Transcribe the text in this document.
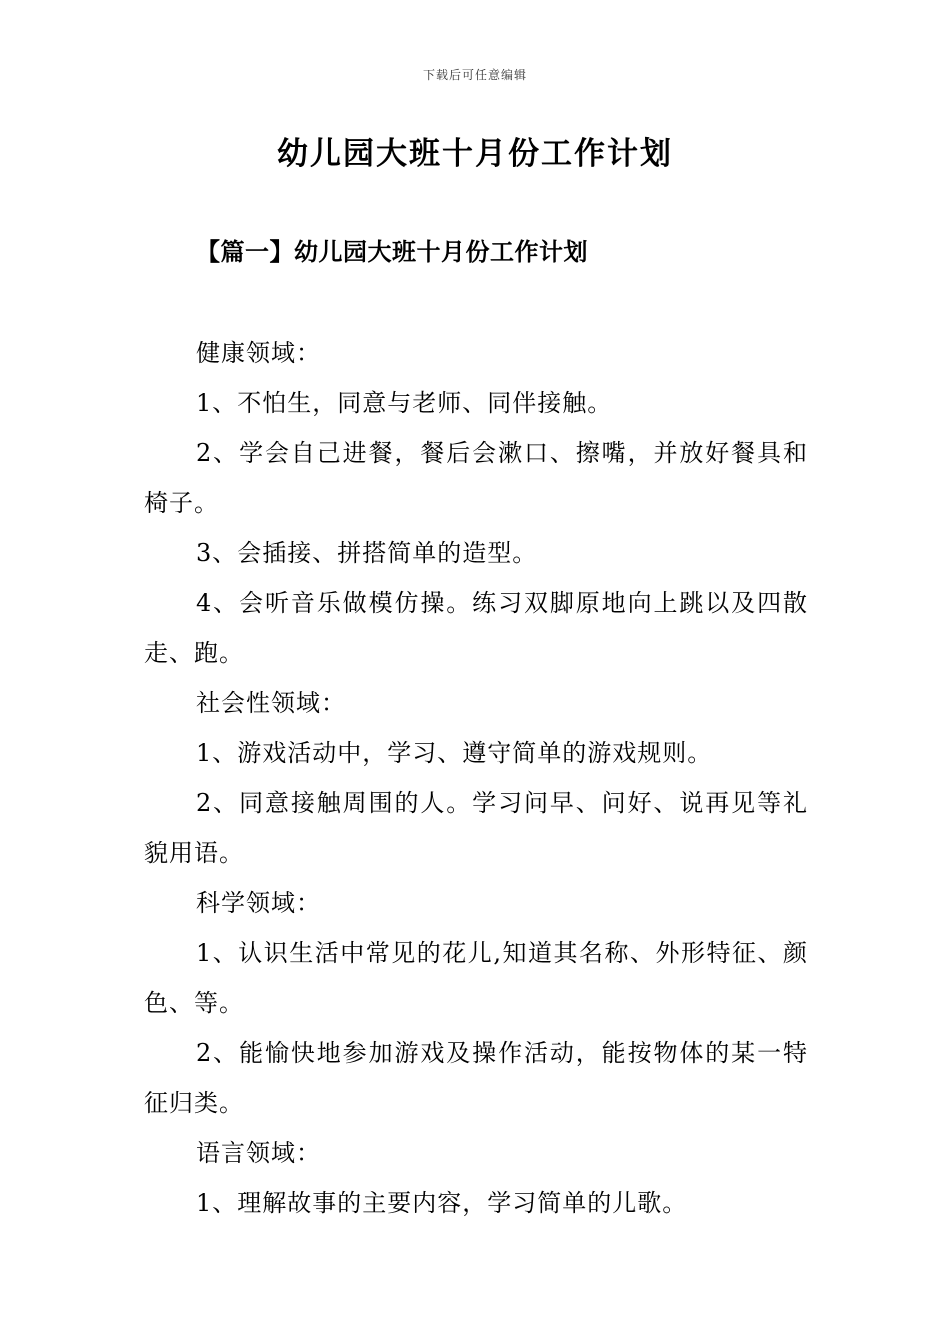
下载后可任意编辑
幼儿园大班十月份工作计划
【篇一】幼儿园大班十月份工作计划

健康领域：

1、不怕生，同意与老师、同伴接触。

2、学会自己进餐，餐后会漱口、擦嘴，并放好餐具和椅子。

3、会插接、拼搭简单的造型。

4、会听音乐做模仿操。练习双脚原地向上跳以及四散走、跑。

社会性领域：

1、游戏活动中，学习、遵守简单的游戏规则。

2、同意接触周围的人。学习问早、问好、说再见等礼貌用语。

科学领域：

1、认识生活中常见的花儿,知道其名称、外形特征、颜色、等。

2、能愉快地参加游戏及操作活动，能按物体的某一特征归类。

语言领域：

1、理解故事的主要内容，学习简单的儿歌。
